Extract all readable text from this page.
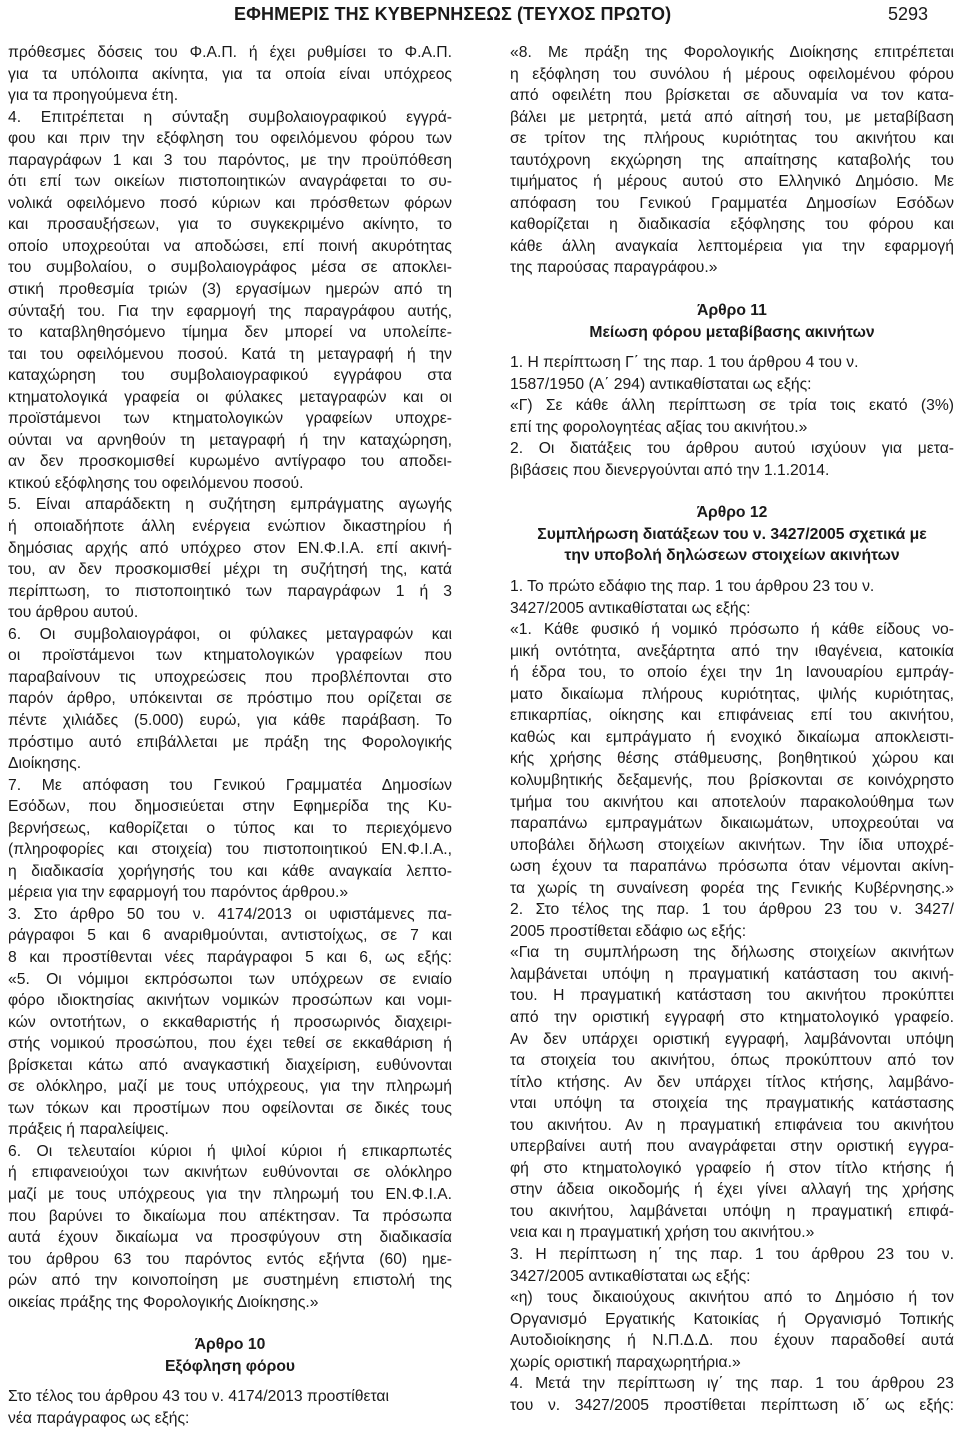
ΕΦΗΜΕΡΙΣ ΤΗΣ ΚΥΒΕΡΝΗΣΕΩΣ (ΤΕΥΧΟΣ ΠΡΩΤΟ)	5293
πρόθεσμες δόσεις του Φ.Α.Π. ή έχει ρυθμίσει το Φ.Α.Π.
για τα υπόλοιπα ακίνητα, για τα οποία είναι υπόχρεος
για τα προηγούμενα έτη.
4. Επιτρέπεται η σύνταξη συμβολαιογραφικού εγγρά-
φου και πριν την εξόφληση του οφειλόμενου φόρου των
παραγράφων 1 και 3 του παρόντος, με την προϋπόθεση
ότι επί των οικείων πιστοποιητικών αναγράφεται το συ-
νολικά οφειλόμενο ποσό κύριων και πρόσθετων φόρων
και προσαυξήσεων, για το συγκεκριμένο ακίνητο, το
οποίο υποχρεούται να αποδώσει, επί ποινή ακυρότητας
του συμβολαίου, ο συμβολαιογράφος μέσα σε αποκλει-
στική προθεσμία τριών (3) εργασίμων ημερών από τη
σύνταξή του. Για την εφαρμογή της παραγράφου αυτής,
το καταβληθησόμενο τίμημα δεν μπορεί να υπολείπε-
ται του οφειλόμενου ποσού. Κατά τη μεταγραφή ή την
καταχώρηση του συμβολαιογραφικού εγγράφου στα
κτηματολογικά γραφεία οι φύλακες μεταγραφών και οι
προϊστάμενοι των κτηματολογικών γραφείων υποχρε-
ούνται να αρνηθούν τη μεταγραφή ή την καταχώρηση,
αν δεν προσκομισθεί κυρωμένο αντίγραφο του αποδει-
κτικού εξόφλησης του οφειλόμενου ποσού.
5. Είναι απαράδεκτη η συζήτηση εμπράγματης αγωγής
ή οποιαδήποτε άλλη ενέργεια ενώπιον δικαστηρίου ή
δημόσιας αρχής από υπόχρεο στον ΕΝ.Φ.Ι.Α. επί ακινή-
του, αν δεν προσκομισθεί μέχρι τη συζήτησή της, κατά
περίπτωση, το πιστοποιητικό των παραγράφων 1 ή 3
του άρθρου αυτού.
6. Οι συμβολαιογράφοι, οι φύλακες μεταγραφών και
οι προϊστάμενοι των κτηματολογικών γραφείων που
παραβαίνουν τις υποχρεώσεις που προβλέπονται στο
παρόν άρθρο, υπόκεινται σε πρόστιμο που ορίζεται σε
πέντε χιλιάδες (5.000) ευρώ, για κάθε παράβαση. Το
πρόστιμο αυτό επιβάλλεται με πράξη της Φορολογικής
Διοίκησης.
7. Με απόφαση του Γενικού Γραμματέα Δημοσίων
Εσόδων, που δημοσιεύεται στην Εφημερίδα της Κυ-
βερνήσεως, καθορίζεται ο τύπος και το περιεχόμενο
(πληροφορίες και στοιχεία) του πιστοποιητικού ΕΝ.Φ.Ι.Α.,
η διαδικασία χορήγησής του και κάθε αναγκαία λεπτο-
μέρεια για την εφαρμογή του παρόντος άρθρου.»
3. Στο άρθρο 50 του ν. 4174/2013 οι υφιστάμενες πα-
ράγραφοι 5 και 6 αναριθμούνται, αντιστοίχως, σε 7 και
8 και προστίθενται νέες παράγραφοι 5 και 6, ως εξής:
«5. Οι νόμιμοι εκπρόσωποι των υπόχρεων σε ενιαίο
φόρο ιδιοκτησίας ακινήτων νομικών προσώπων και νομι-
κών οντοτήτων, ο εκκαθαριστής ή προσωρινός διαχειρι-
στής νομικού προσώπου, που έχει τεθεί σε εκκαθάριση ή
βρίσκεται κάτω από αναγκαστική διαχείριση, ευθύνονται
σε ολόκληρο, μαζί με τους υπόχρεους, για την πληρωμή
των τόκων και προστίμων που οφείλονται σε δικές τους
πράξεις ή παραλείψεις.
6. Οι τελευταίοι κύριοι ή ψιλοί κύριοι ή επικαρπωτές
ή επιφανειούχοι των ακινήτων ευθύνονται σε ολόκληρο
μαζί με τους υπόχρεους για την πληρωμή του ΕΝ.Φ.Ι.Α.
που βαρύνει το δικαίωμα που απέκτησαν. Τα πρόσωπα
αυτά έχουν δικαίωμα να προσφύγουν στη διαδικασία
του άρθρου 63 του παρόντος εντός εξήντα (60) ημε-
ρών από την κοινοποίηση με συστημένη επιστολή της
οικείας πράξης της Φορολογικής Διοίκησης.»
Άρθρο 10
Εξόφληση φόρου
Στο τέλος του άρθρου 43 του ν. 4174/2013 προστίθεται
νέα παράγραφος ως εξής:
«8. Με πράξη της Φορολογικής Διοίκησης επιτρέπεται
η εξόφληση του συνόλου ή μέρους οφειλομένου φόρου
από οφειλέτη που βρίσκεται σε αδυναμία να τον κατα-
βάλει με μετρητά, μετά από αίτησή του, με μεταβίβαση
σε τρίτον της πλήρους κυριότητας του ακινήτου και
ταυτόχρονη εκχώρηση της απαίτησης καταβολής του
τιμήματος ή μέρους αυτού στο Ελληνικό Δημόσιο. Με
απόφαση του Γενικού Γραμματέα Δημοσίων Εσόδων
καθορίζεται η διαδικασία εξόφλησης του φόρου και
κάθε άλλη αναγκαία λεπτομέρεια για την εφαρμογή
της παρούσας παραγράφου.»
Άρθρο 11
Μείωση φόρου μεταβίβασης ακινήτων
1. Η περίπτωση Γ΄ της παρ. 1 του άρθρου 4 του ν.
1587/1950 (Α΄ 294) αντικαθίσταται ως εξής:
«Γ) Σε κάθε άλλη περίπτωση σε τρία τοις εκατό (3%)
επί της φορολογητέας αξίας του ακινήτου.»
2. Οι διατάξεις του άρθρου αυτού ισχύουν για μετα-
βιβάσεις που διενεργούνται από την 1.1.2014.
Άρθρο 12
Συμπλήρωση διατάξεων του ν. 3427/2005 σχετικά με
την υποβολή δηλώσεων στοιχείων ακινήτων
1. Το πρώτο εδάφιο της παρ. 1 του άρθρου 23 του ν.
3427/2005 αντικαθίσταται ως εξής:
«1. Κάθε φυσικό ή νομικό πρόσωπο ή κάθε είδους νο-
μική οντότητα, ανεξάρτητα από την ιθαγένεια, κατοικία
ή έδρα του, το οποίο έχει την 1η Ιανουαρίου εμπράγ-
ματο δικαίωμα πλήρους κυριότητας, ψιλής κυριότητας,
επικαρπίας, οίκησης και επιφάνειας επί του ακινήτου,
καθώς και εμπράγματο ή ενοχικό δικαίωμα αποκλειστι-
κής χρήσης θέσης στάθμευσης, βοηθητικού χώρου και
κολυμβητικής δεξαμενής, που βρίσκονται σε κοινόχρηστο
τμήμα του ακινήτου και αποτελούν παρακολούθημα των
παραπάνω εμπραγμάτων δικαιωμάτων, υποχρεούται να
υποβάλει δήλωση στοιχείων ακινήτων. Την ίδια υποχρέ-
ωση έχουν τα παραπάνω πρόσωπα όταν νέμονται ακίνη-
τα χωρίς τη συναίνεση φορέα της Γενικής Κυβέρνησης.»
2. Στο τέλος της παρ. 1 του άρθρου 23 του ν. 3427/
2005 προστίθεται εδάφιο ως εξής:
«Για τη συμπλήρωση της δήλωσης στοιχείων ακινήτων
λαμβάνεται υπόψη η πραγματική κατάσταση του ακινή-
του. Η πραγματική κατάσταση του ακινήτου προκύπτει
από την οριστική εγγραφή στο κτηματολογικό γραφείο.
Αν δεν υπάρχει οριστική εγγραφή, λαμβάνονται υπόψη
τα στοιχεία του ακινήτου, όπως προκύπτουν από τον
τίτλο κτήσης. Αν δεν υπάρχει τίτλος κτήσης, λαμβάνο-
νται υπόψη τα στοιχεία της πραγματικής κατάστασης
του ακινήτου. Αν η πραγματική επιφάνεια του ακινήτου
υπερβαίνει αυτή που αναγράφεται στην οριστική εγγρα-
φή στο κτηματολογικό γραφείο ή στον τίτλο κτήσης ή
στην άδεια οικοδομής ή έχει γίνει αλλαγή της χρήσης
του ακινήτου, λαμβάνεται υπόψη η πραγματική επιφά-
νεια και η πραγματική χρήση του ακινήτου.»
3. Η περίπτωση η΄ της παρ. 1 του άρθρου 23 του ν.
3427/2005 αντικαθίσταται ως εξής:
«η) τους δικαιούχους ακινήτου από το Δημόσιο ή τον
Οργανισμό Εργατικής Κατοικίας ή Οργανισμό Τοπικής
Αυτοδιοίκησης ή Ν.Π.Δ.Δ. που έχουν παραδοθεί αυτά
χωρίς οριστική παραχωρητήρια.»
4. Μετά την περίπτωση ιγ΄ της παρ. 1 του άρθρου 23
του ν. 3427/2005 προστίθεται περίπτωση ιδ΄ ως εξής:
